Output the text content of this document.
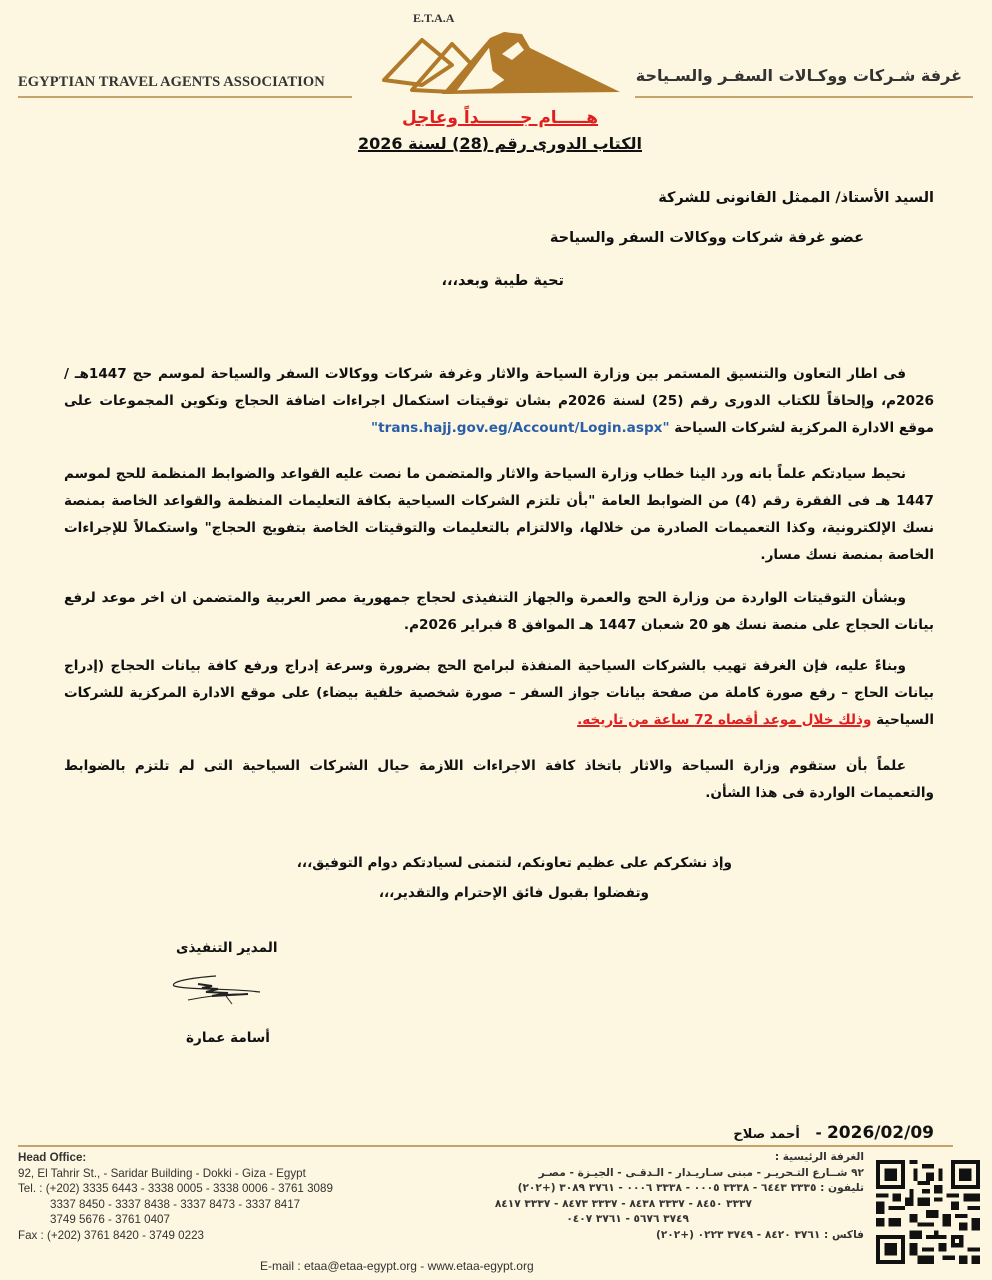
E.T.A.A
EGYPTIAN TRAVEL AGENTS ASSOCIATION	غرفة شـركات ووكـالات السفـر والسـياحة
هـــــام جـــــــداً وعاجل
الكتاب الدورى رقم (28) لسنة 2026
السيد الأستاذ/ الممثل القانونى للشركة
عضو غرفة شركات ووكالات السفر والسياحة
تحية طيبة وبعد،،،
فى اطار التعاون والتنسيق المستمر بين وزارة السياحة والاثار وغرفة شركات ووكالات السفر والسياحة لموسم حج 1447هـ / 2026م، وإلحاقاً للكتاب الدورى رقم (25) لسنة 2026م بشان توقيتات استكمال اجراءات اضافة الحجاج وتكوين المجموعات على موقع الادارة المركزية لشركات السياحة "trans.hajj.gov.eg/Account/Login.aspx"
نحيط سيادتكم علماً بانه ورد الينا خطاب وزارة السياحة والاثار والمتضمن ما نصت عليه القواعد والضوابط المنظمة للحج لموسم 1447 هـ فى الفقرة رقم (4) من الضوابط العامة "بأن تلتزم الشركات السياحية بكافة التعليمات المنظمة والقواعد الخاصة بمنصة نسك الإلكترونية، وكذا التعميمات الصادرة من خلالها، والالتزام بالتعليمات والتوقيتات الخاصة بتفويج الحجاج" واستكمالاً للإجراءات الخاصة بمنصة نسك مسار.
وبشأن التوقيتات الواردة من وزارة الحج والعمرة والجهاز التنفيذى لحجاج جمهورية مصر العربية والمتضمن ان اخر موعد لرفع بيانات الحجاج على منصة نسك هو 20 شعبان 1447 هـ الموافق 8 فبراير 2026م.
وبناءً عليه، فإن الغرفة تهيب بالشركات السياحية المنفذة لبرامج الحج بضرورة وسرعة إدراج ورفع كافة بيانات الحجاج (إدراج بيانات الحاج – رفع صورة كاملة من صفحة بيانات جواز السفر – صورة شخصية خلفية بيضاء) على موقع الادارة المركزية للشركات السياحية وذلك خلال موعد أقصاه 72 ساعة من تاريخه.
علماً بأن ستقوم وزارة السياحة والاثار باتخاذ كافة الاجراءات اللازمة حيال الشركات السياحية التى لم تلتزم بالضوابط والتعميمات الواردة فى هذا الشأن.
وإذ نشكركم على عظيم تعاونكم، لنتمنى لسيادتكم دوام التوفيق،،،
وتفضلوا بقبول فائق الإحترام والتقدير،،،
المدير التنفيذى
أسامة عمارة
2026/02/09 -   أحمد صلاح
Head Office:
92, El Tahrir St., - Saridar Building - Dokki - Giza - Egypt
Tel. : (+202) 3335 6443 - 3338 0005 - 3338 0006 - 3761 3089
3337 8450 - 3337 8438 - 3337 8473 - 3337 8417
3749 5676 - 3761 0407
Fax : (+202) 3761 8420 - 3749 0223
الغرفة الرئيسية :
٩٢ شــارع التـحريـر - مبنى سـاريـدار - الـدقـى - الجيـزة - مصـر
تليفون : ٣٣٣٥ ٦٤٤٣ - ٣٣٣٨ ٠٠٠٥ - ٣٣٣٨ ٠٠٠٦ - ٣٧٦١ ٣٠٨٩ (+٢٠٢)
٣٣٣٧ ٨٤٥٠ - ٣٣٣٧ ٨٤٣٨ - ٣٣٣٧ ٨٤٧٣ - ٣٣٣٧ ٨٤١٧
٣٧٤٩ ٥٦٧٦ - ٣٧٦١ ٠٤٠٧
فاكس : ٣٧٦١ ٨٤٢٠ - ٣٧٤٩ ٠٢٢٣ (+٢٠٢)
E-mail : etaa@etaa-egypt.org - www.etaa-egypt.org
